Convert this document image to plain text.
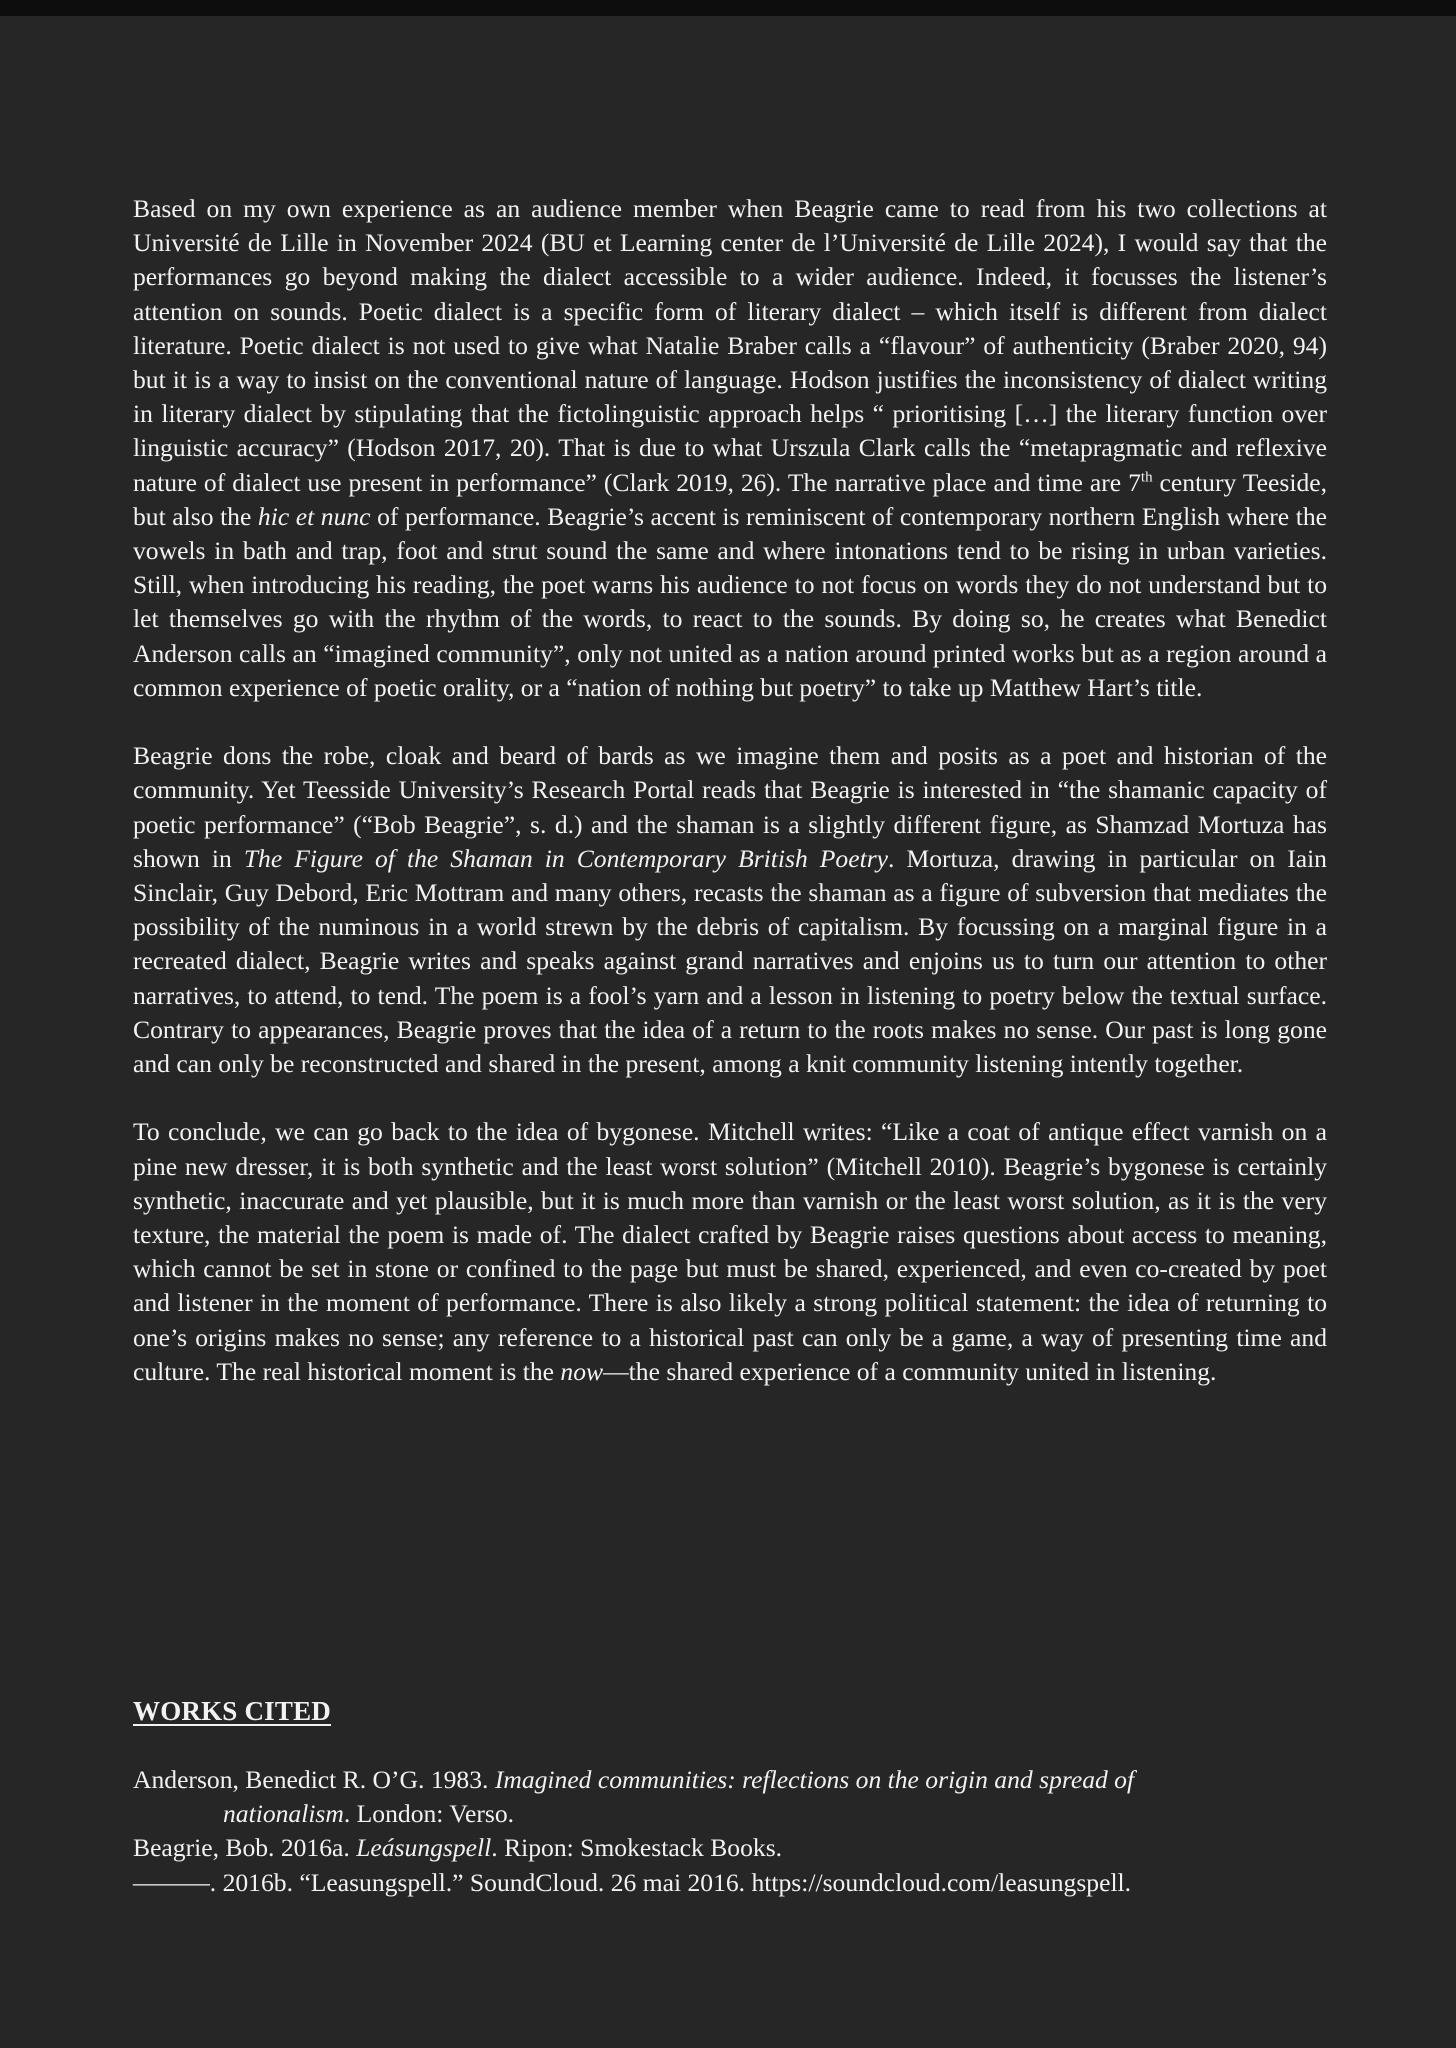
Based on my own experience as an audience member when Beagrie came to read from his two collections at Université de Lille in November 2024 (BU et Learning center de l’Université de Lille 2024), I would say that the performances go beyond making the dialect accessible to a wider audience. Indeed, it focusses the listener’s attention on sounds. Poetic dialect is a specific form of literary dialect – which itself is different from dialect literature. Poetic dialect is not used to give what Natalie Braber calls a “flavour” of authenticity (Braber 2020, 94) but it is a way to insist on the conventional nature of language. Hodson justifies the inconsistency of dialect writing in literary dialect by stipulating that the fictolinguistic approach helps “ prioritising […] the literary function over linguistic accuracy” (Hodson 2017, 20). That is due to what Urszula Clark calls the “metapragmatic and reflexive nature of dialect use present in performance” (Clark 2019, 26). The narrative place and time are 7th century Teeside, but also the hic et nunc of performance. Beagrie’s accent is reminiscent of contemporary northern English where the vowels in bath and trap, foot and strut sound the same and where intonations tend to be rising in urban varieties. Still, when introducing his reading, the poet warns his audience to not focus on words they do not understand but to let themselves go with the rhythm of the words, to react to the sounds. By doing so, he creates what Benedict Anderson calls an “imagined community”, only not united as a nation around printed works but as a region around a common experience of poetic orality, or a “nation of nothing but poetry” to take up Matthew Hart’s title.

Beagrie dons the robe, cloak and beard of bards as we imagine them and posits as a poet and historian of the community. Yet Teesside University’s Research Portal reads that Beagrie is interested in “the shamanic capacity of poetic performance” (“Bob Beagrie”, s. d.) and the shaman is a slightly different figure, as Shamzad Mortuza has shown in The Figure of the Shaman in Contemporary British Poetry. Mortuza, drawing in particular on Iain Sinclair, Guy Debord, Eric Mottram and many others, recasts the shaman as a figure of subversion that mediates the possibility of the numinous in a world strewn by the debris of capitalism. By focussing on a marginal figure in a recreated dialect, Beagrie writes and speaks against grand narratives and enjoins us to turn our attention to other narratives, to attend, to tend. The poem is a fool’s yarn and a lesson in listening to poetry below the textual surface. Contrary to appearances, Beagrie proves that the idea of a return to the roots makes no sense. Our past is long gone and can only be reconstructed and shared in the present, among a knit community listening intently together.

To conclude, we can go back to the idea of bygonese. Mitchell writes: “Like a coat of antique effect varnish on a pine new dresser, it is both synthetic and the least worst solution” (Mitchell 2010). Beagrie’s bygonese is certainly synthetic, inaccurate and yet plausible, but it is much more than varnish or the least worst solution, as it is the very texture, the material the poem is made of. The dialect crafted by Beagrie raises questions about access to meaning, which cannot be set in stone or confined to the page but must be shared, experienced, and even co-created by poet and listener in the moment of performance. There is also likely a strong political statement: the idea of returning to one’s origins makes no sense; any reference to a historical past can only be a game, a way of presenting time and culture. The real historical moment is the now—the shared experience of a community united in listening.

WORKS CITED

Anderson, Benedict R. O’G. 1983. Imagined communities: reflections on the origin and spread of
nationalism. London: Verso.

Beagrie, Bob. 2016a. Leásungspell. Ripon: Smokestack Books.

———. 2016b. “Leasungspell.” SoundCloud. 26 mai 2016. https://soundcloud.com/leasungspell.
